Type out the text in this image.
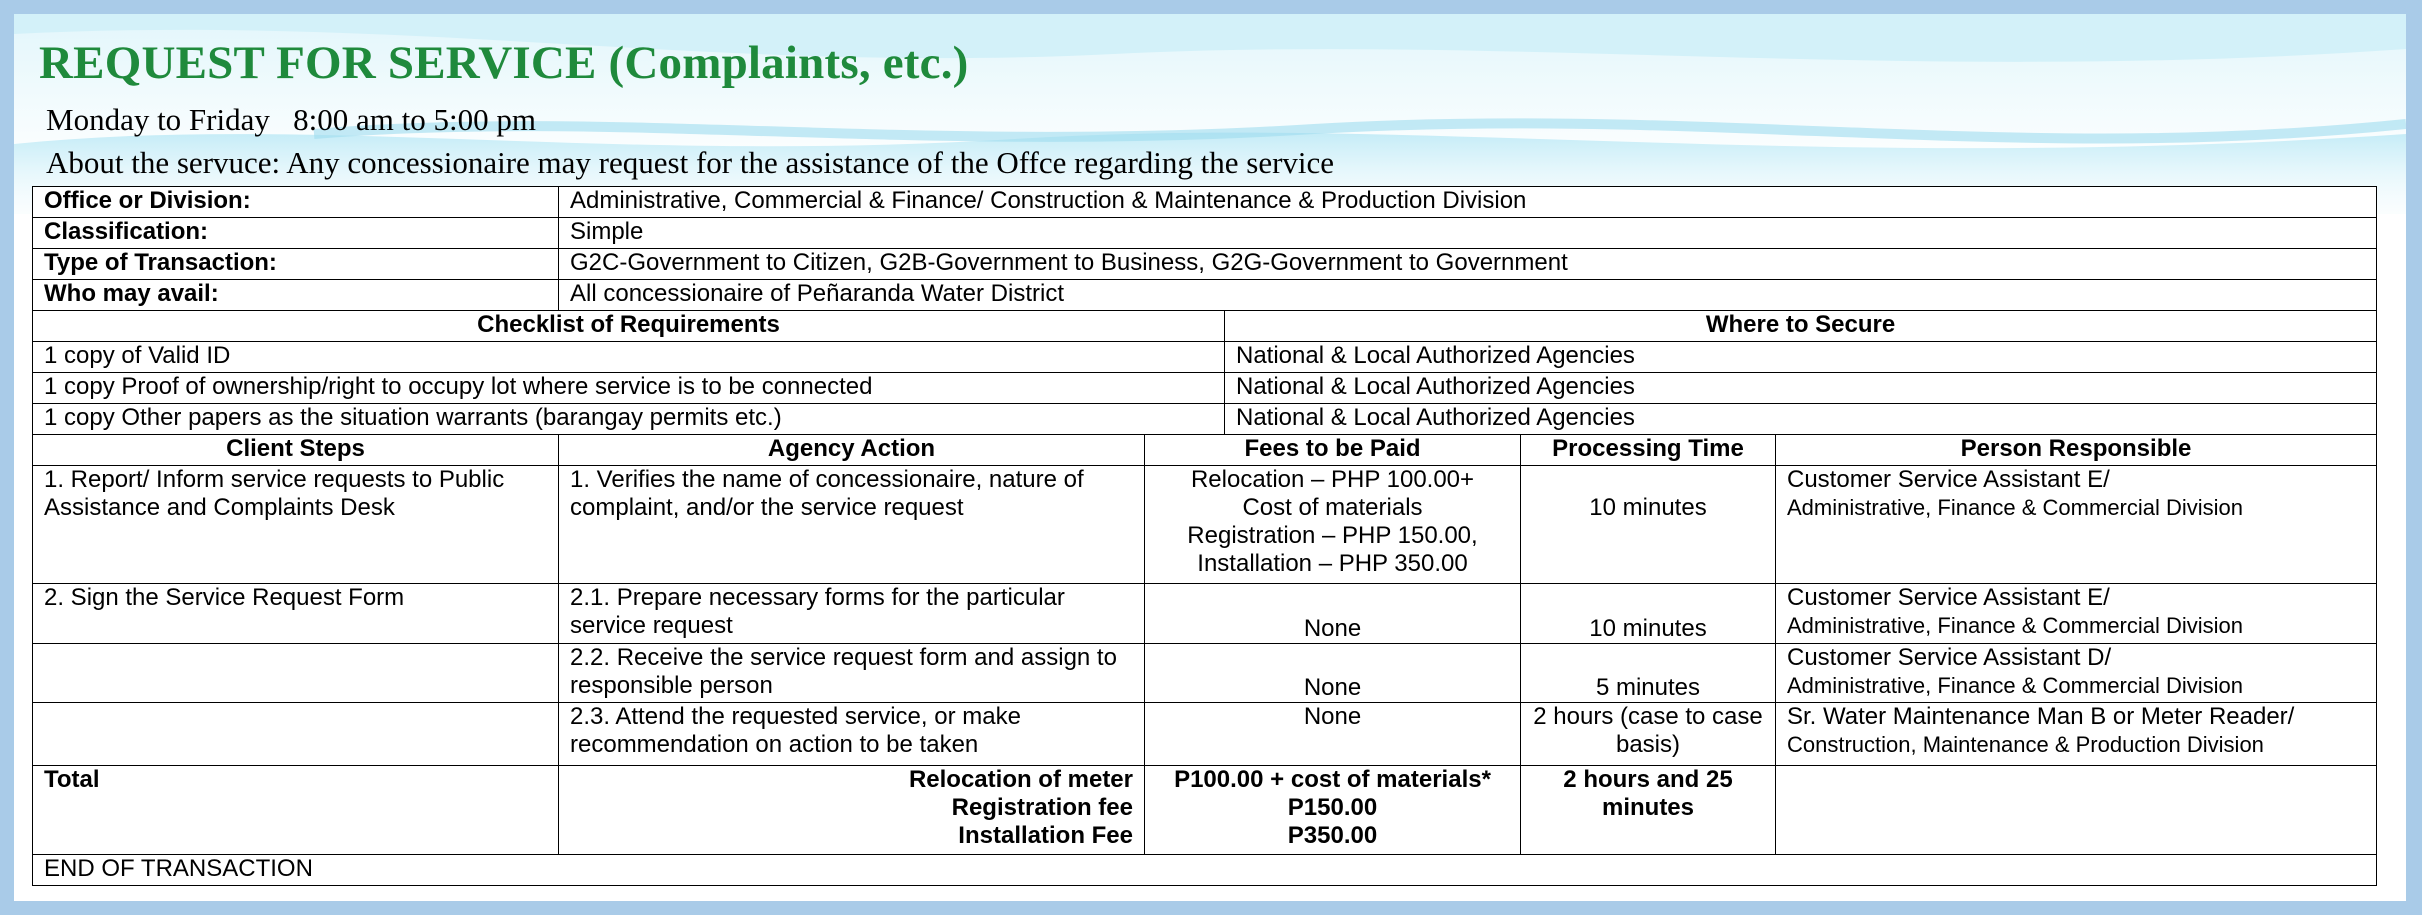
REQUEST FOR SERVICE (Complaints, etc.)
Monday to Friday   8:00 am to 5:00 pm
About the servuce: Any concessionaire may request for the assistance of the Offce regarding the service
Office or Division:	Administrative, Commercial & Finance/ Construction & Maintenance & Production Division				
Classification:	Simple				
Type of Transaction:	G2C-Government to Citizen, G2B-Government to Business, G2G-Government to Government				
Who may avail:	All concessionaire of Peñaranda Water District				
Checklist of Requirements			Where to Secure		
1 copy of Valid ID			National & Local Authorized Agencies		
1 copy Proof of ownership/right to occupy lot where service is to be connected			National & Local Authorized Agencies		
1 copy Other papers as the situation warrants (barangay permits etc.)			National & Local Authorized Agencies		
Client Steps	Agency Action	Fees to be Paid		Processing Time	Person Responsible
1. Report/ Inform service requests to Public Assistance and Complaints Desk	1. Verifies the name of concessionaire, nature of complaint, and/or the service request	Relocation – PHP 100.00+
Cost of materials
Registration – PHP 150.00,
Installation – PHP 350.00		10 minutes	Customer Service Assistant E/
Administrative, Finance & Commercial Division

2. Sign the Service Request Form	2.1. Prepare necessary forms for the particular service request	None		10 minutes	Customer Service Assistant E/
Administrative, Finance & Commercial Division

	2.2. Receive the service request form and assign to responsible person	None		5 minutes	Customer Service Assistant D/
Administrative, Finance & Commercial Division

	2.3. Attend the requested service, or make recommendation on action to be taken	None		2 hours (case to case basis)	Sr. Water Maintenance Man B or Meter Reader/
Construction, Maintenance & Production Division

Total	Relocation of meter
Registration fee
Installation Fee	P100.00 + cost of materials*
P150.00
P350.00		2 hours and 25 minutes	
END OF TRANSACTION					
